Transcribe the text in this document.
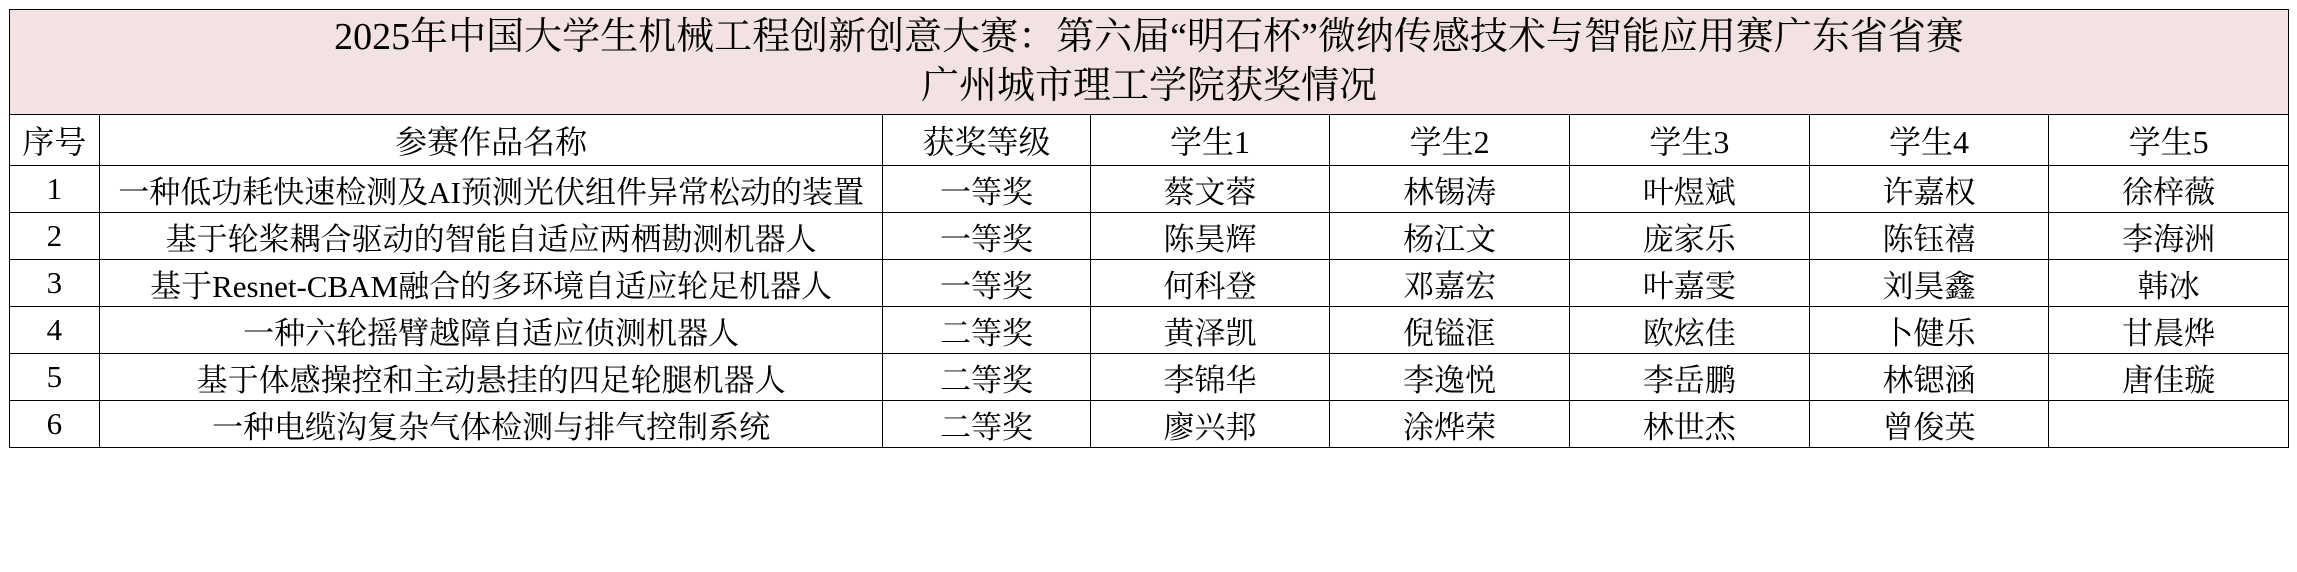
2025年中国大学生机械工程创新创意大赛：第六届“明石杯”微纳传感技术与智能应用赛广东省省赛
广州城市理工学院获奖情况							

序号	参赛作品名称	获奖等级	学生1	学生2	学生3	学生4	学生5
1	一种低功耗快速检测及AI预测光伏组件异常松动的装置	一等奖	蔡文蓉	林锡涛	叶煜斌	许嘉权	徐梓薇
2	基于轮桨耦合驱动的智能自适应两栖勘测机器人	一等奖	陈昊辉	杨江文	庞家乐	陈钰禧	李海洲
3	基于Resnet-CBAM融合的多环境自适应轮足机器人	一等奖	何科登	邓嘉宏	叶嘉雯	刘昊鑫	韩冰
4	一种六轮摇臂越障自适应侦测机器人	二等奖	黄泽凯	倪镒洭	欧炫佳	卜健乐	甘晨烨
5	基于体感操控和主动悬挂的四足轮腿机器人	二等奖	李锦华	李逸悦	李岳鹏	林锶涵	唐佳璇
6	一种电缆沟复杂气体检测与排气控制系统	二等奖	廖兴邦	涂烨荣	林世杰	曾俊英	
